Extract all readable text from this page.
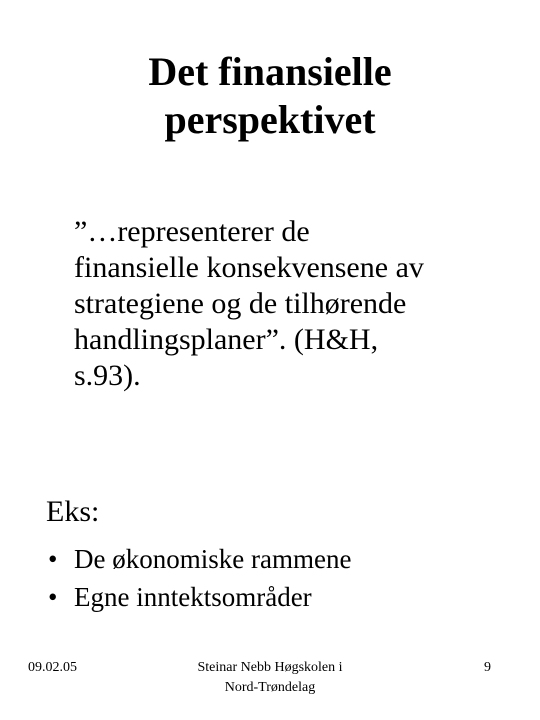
Det finansielle
perspektivet
”…representerer de
finansielle konsekvensene av
strategiene og de tilhørende
handlingsplaner”. (H&H,
s.93).
Eks:
• De økonomiske rammene
• Egne inntektsområder
09.02.05	Steinar Nebb Høgskolen i
Nord-Trøndelag
9
